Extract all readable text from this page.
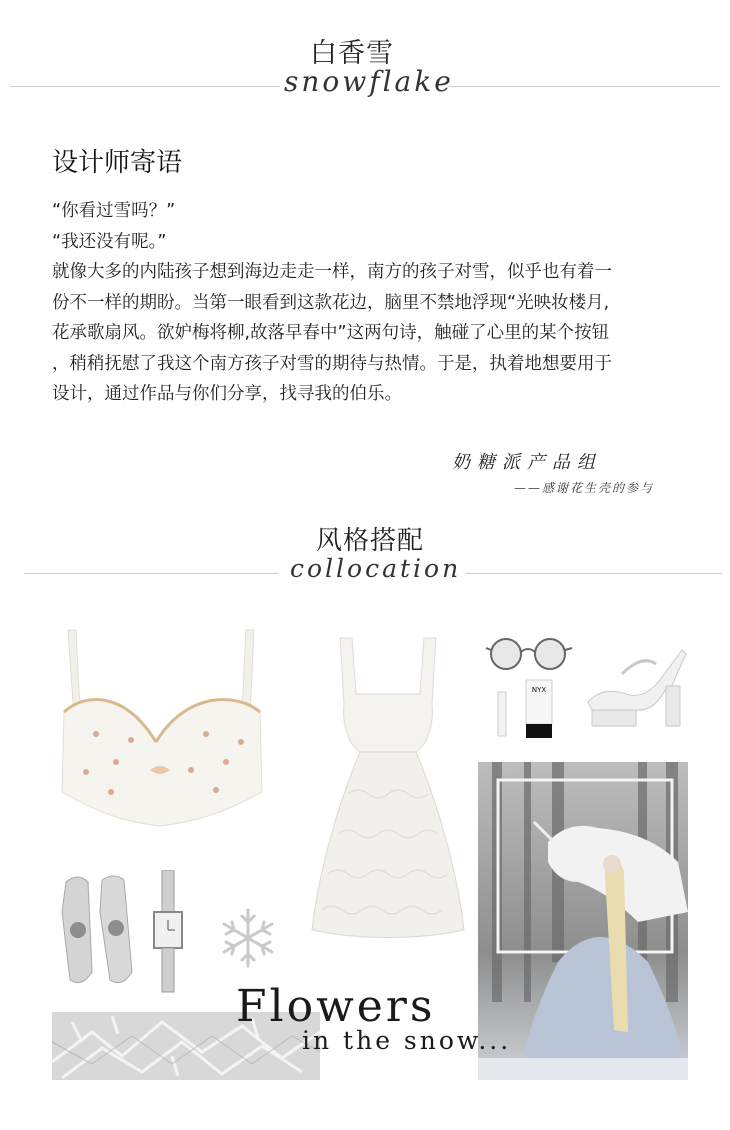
白香雪
snowflake
设计师寄语
“你看过雪吗？”
“我还没有呢。”
就像大多的内陆孩子想到海边走走一样，南方的孩子对雪，似乎也有着一
份不一样的期盼。当第一眼看到这款花边，脑里不禁地浮现“光映妆楼月,
花承歌扇风。欲妒梅将柳,故落早春中”这两句诗，触碰了心里的某个按钮
，稍稍抚慰了我这个南方孩子对雪的期待与热情。于是，执着地想要用于
设计，通过作品与你们分享，找寻我的伯乐。
奶糖派产品组
——感谢花生壳的参与
风格搭配
collocation
NYX
Flowers
in the snow...
